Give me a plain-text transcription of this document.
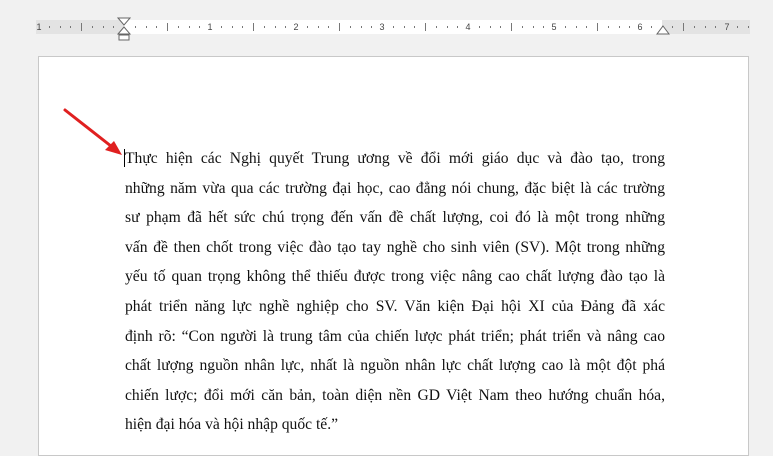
1	1	2	3	4	5	6	7
Thực hiện các Nghị quyết Trung ương về đổi mới giáo dục và đào tạo, trong
những năm vừa qua các trường đại học, cao đẳng nói chung, đặc biệt là các trường
sư phạm đã hết sức chú trọng đến vấn đề chất lượng, coi đó là một trong những
vấn đề then chốt trong việc đào tạo tay nghề cho sinh viên (SV). Một trong những
yếu tố quan trọng không thể thiếu được trong việc nâng cao chất lượng đào tạo là
phát triển năng lực nghề nghiệp cho SV. Văn kiện Đại hội XI của Đảng đã xác
định rõ: “Con người là trung tâm của chiến lược phát triển; phát triển và nâng cao
chất lượng nguồn nhân lực, nhất là nguồn nhân lực chất lượng cao là một đột phá
chiến lược; đổi mới căn bản, toàn diện nền GD Việt Nam theo hướng chuẩn hóa,
hiện đại hóa và hội nhập quốc tế.”
